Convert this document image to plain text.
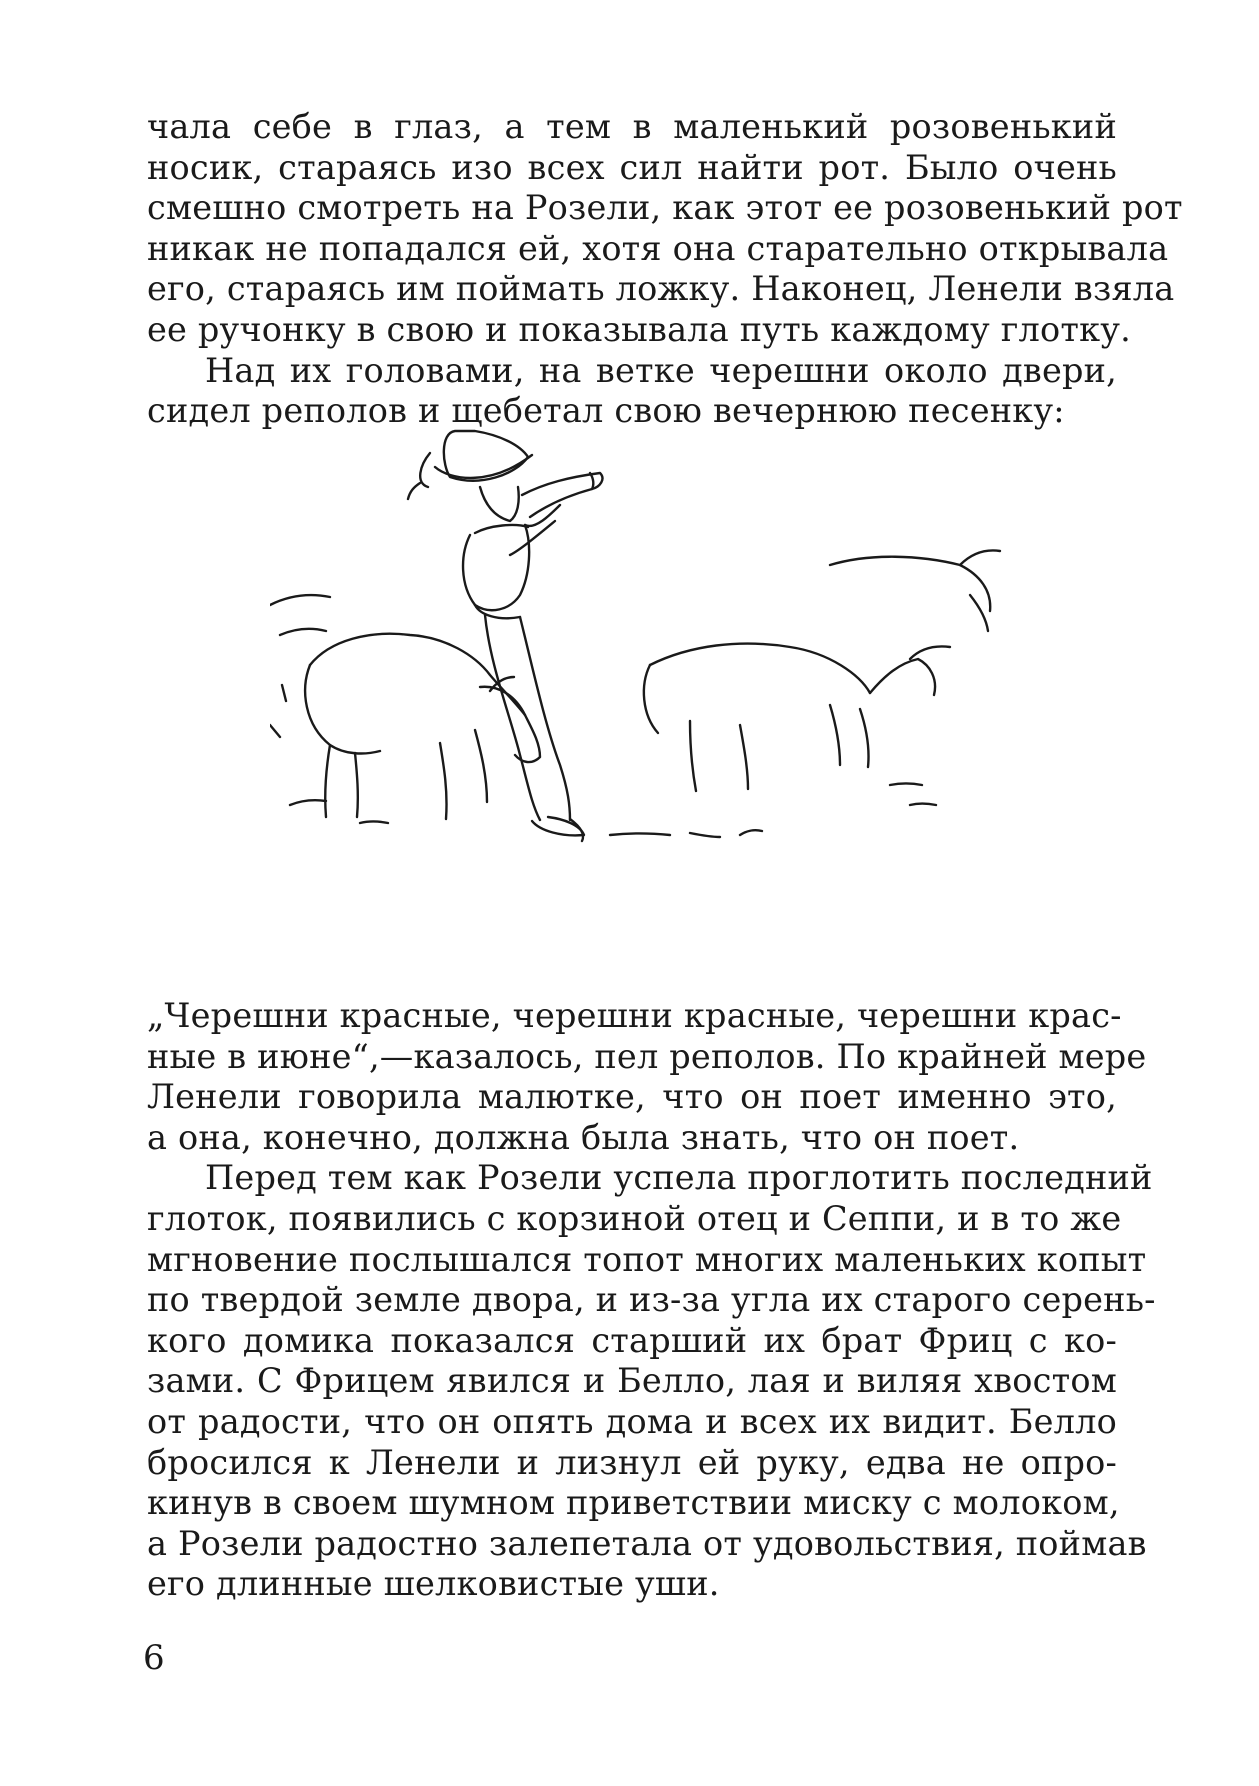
чала себе в глаз, а тем в маленький розовенький
носик, стараясь изо всех сил найти рот. Было очень
смешно смотреть на Розели, как этот ее розовенький рот
никак не попадался ей, хотя она старательно открывала
его, стараясь им поймать ложку. Наконец, Ленели взяла
ее ручонку в свою и показывала путь каждому глотку.
Над их головами, на ветке черешни около двери,
сидел реполов и щебетал свою вечернюю песенку:
„Черешни красные, черешни красные, черешни крас-
ные в июне“,—казалось, пел реполов. По крайней мере
Ленели говорила малютке, что он поет именно это,
а она, конечно, должна была знать, что он поет.
Перед тем как Розели успела проглотить последний
глоток, появились с корзиной отец и Сеппи, и в то же
мгновение послышался топот многих маленьких копыт
по твердой земле двора, и из-за угла их старого серень-
кого домика показался старший их брат Фриц с ко-
зами. С Фрицем явился и Белло, лая и виляя хвостом
от радости, что он опять дома и всех их видит. Белло
бросился к Ленели и лизнул ей руку, едва не опро-
кинув в своем шумном приветствии миску с молоком,
а Розели радостно залепетала от удовольствия, поймав
его длинные шелковистые уши.
6
